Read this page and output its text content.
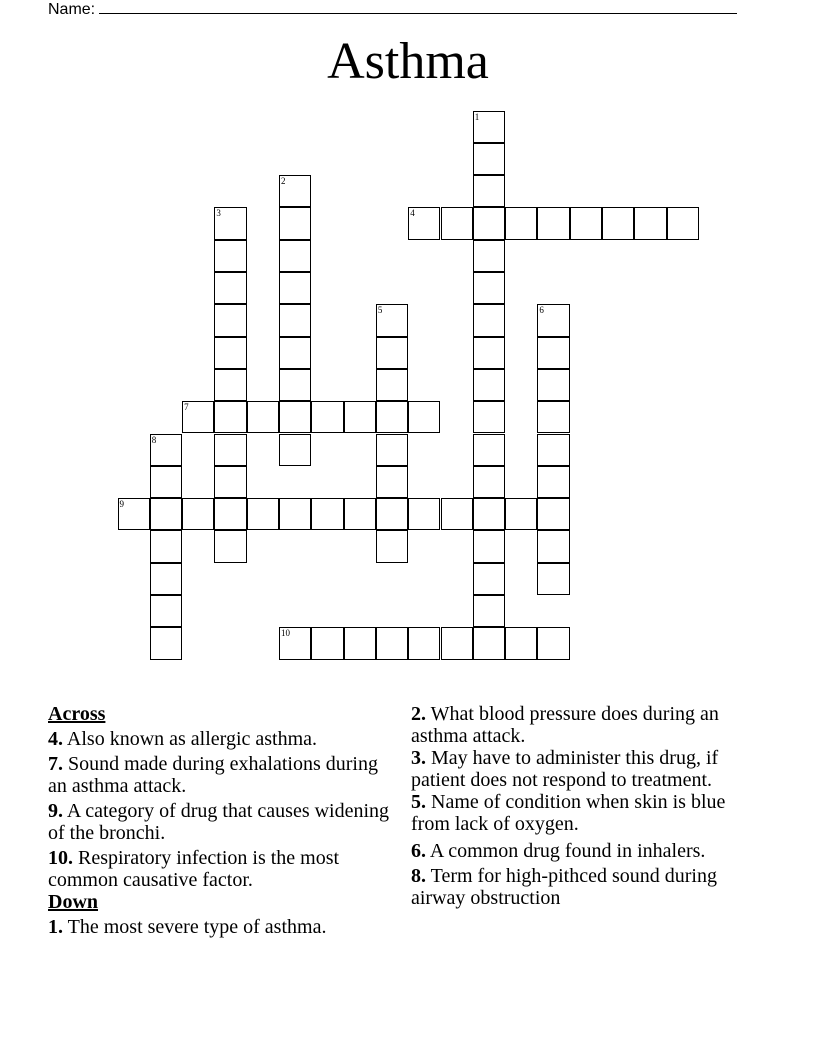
Name:
Asthma
1
2
3	4
5	6
7
8
9
10
Across
4. Also known as allergic asthma.
7. Sound made during exhalations during an asthma attack.
9. A category of drug that causes widening of the bronchi.
10. Respiratory infection is the most common causative factor.
Down
1. The most severe type of asthma.
2. What blood pressure does during an asthma attack.
3. May have to administer this drug, if patient does not respond to treatment.
5. Name of condition when skin is blue from lack of oxygen.
6. A common drug found in inhalers.
8. Term for high-pithced sound during airway obstruction
